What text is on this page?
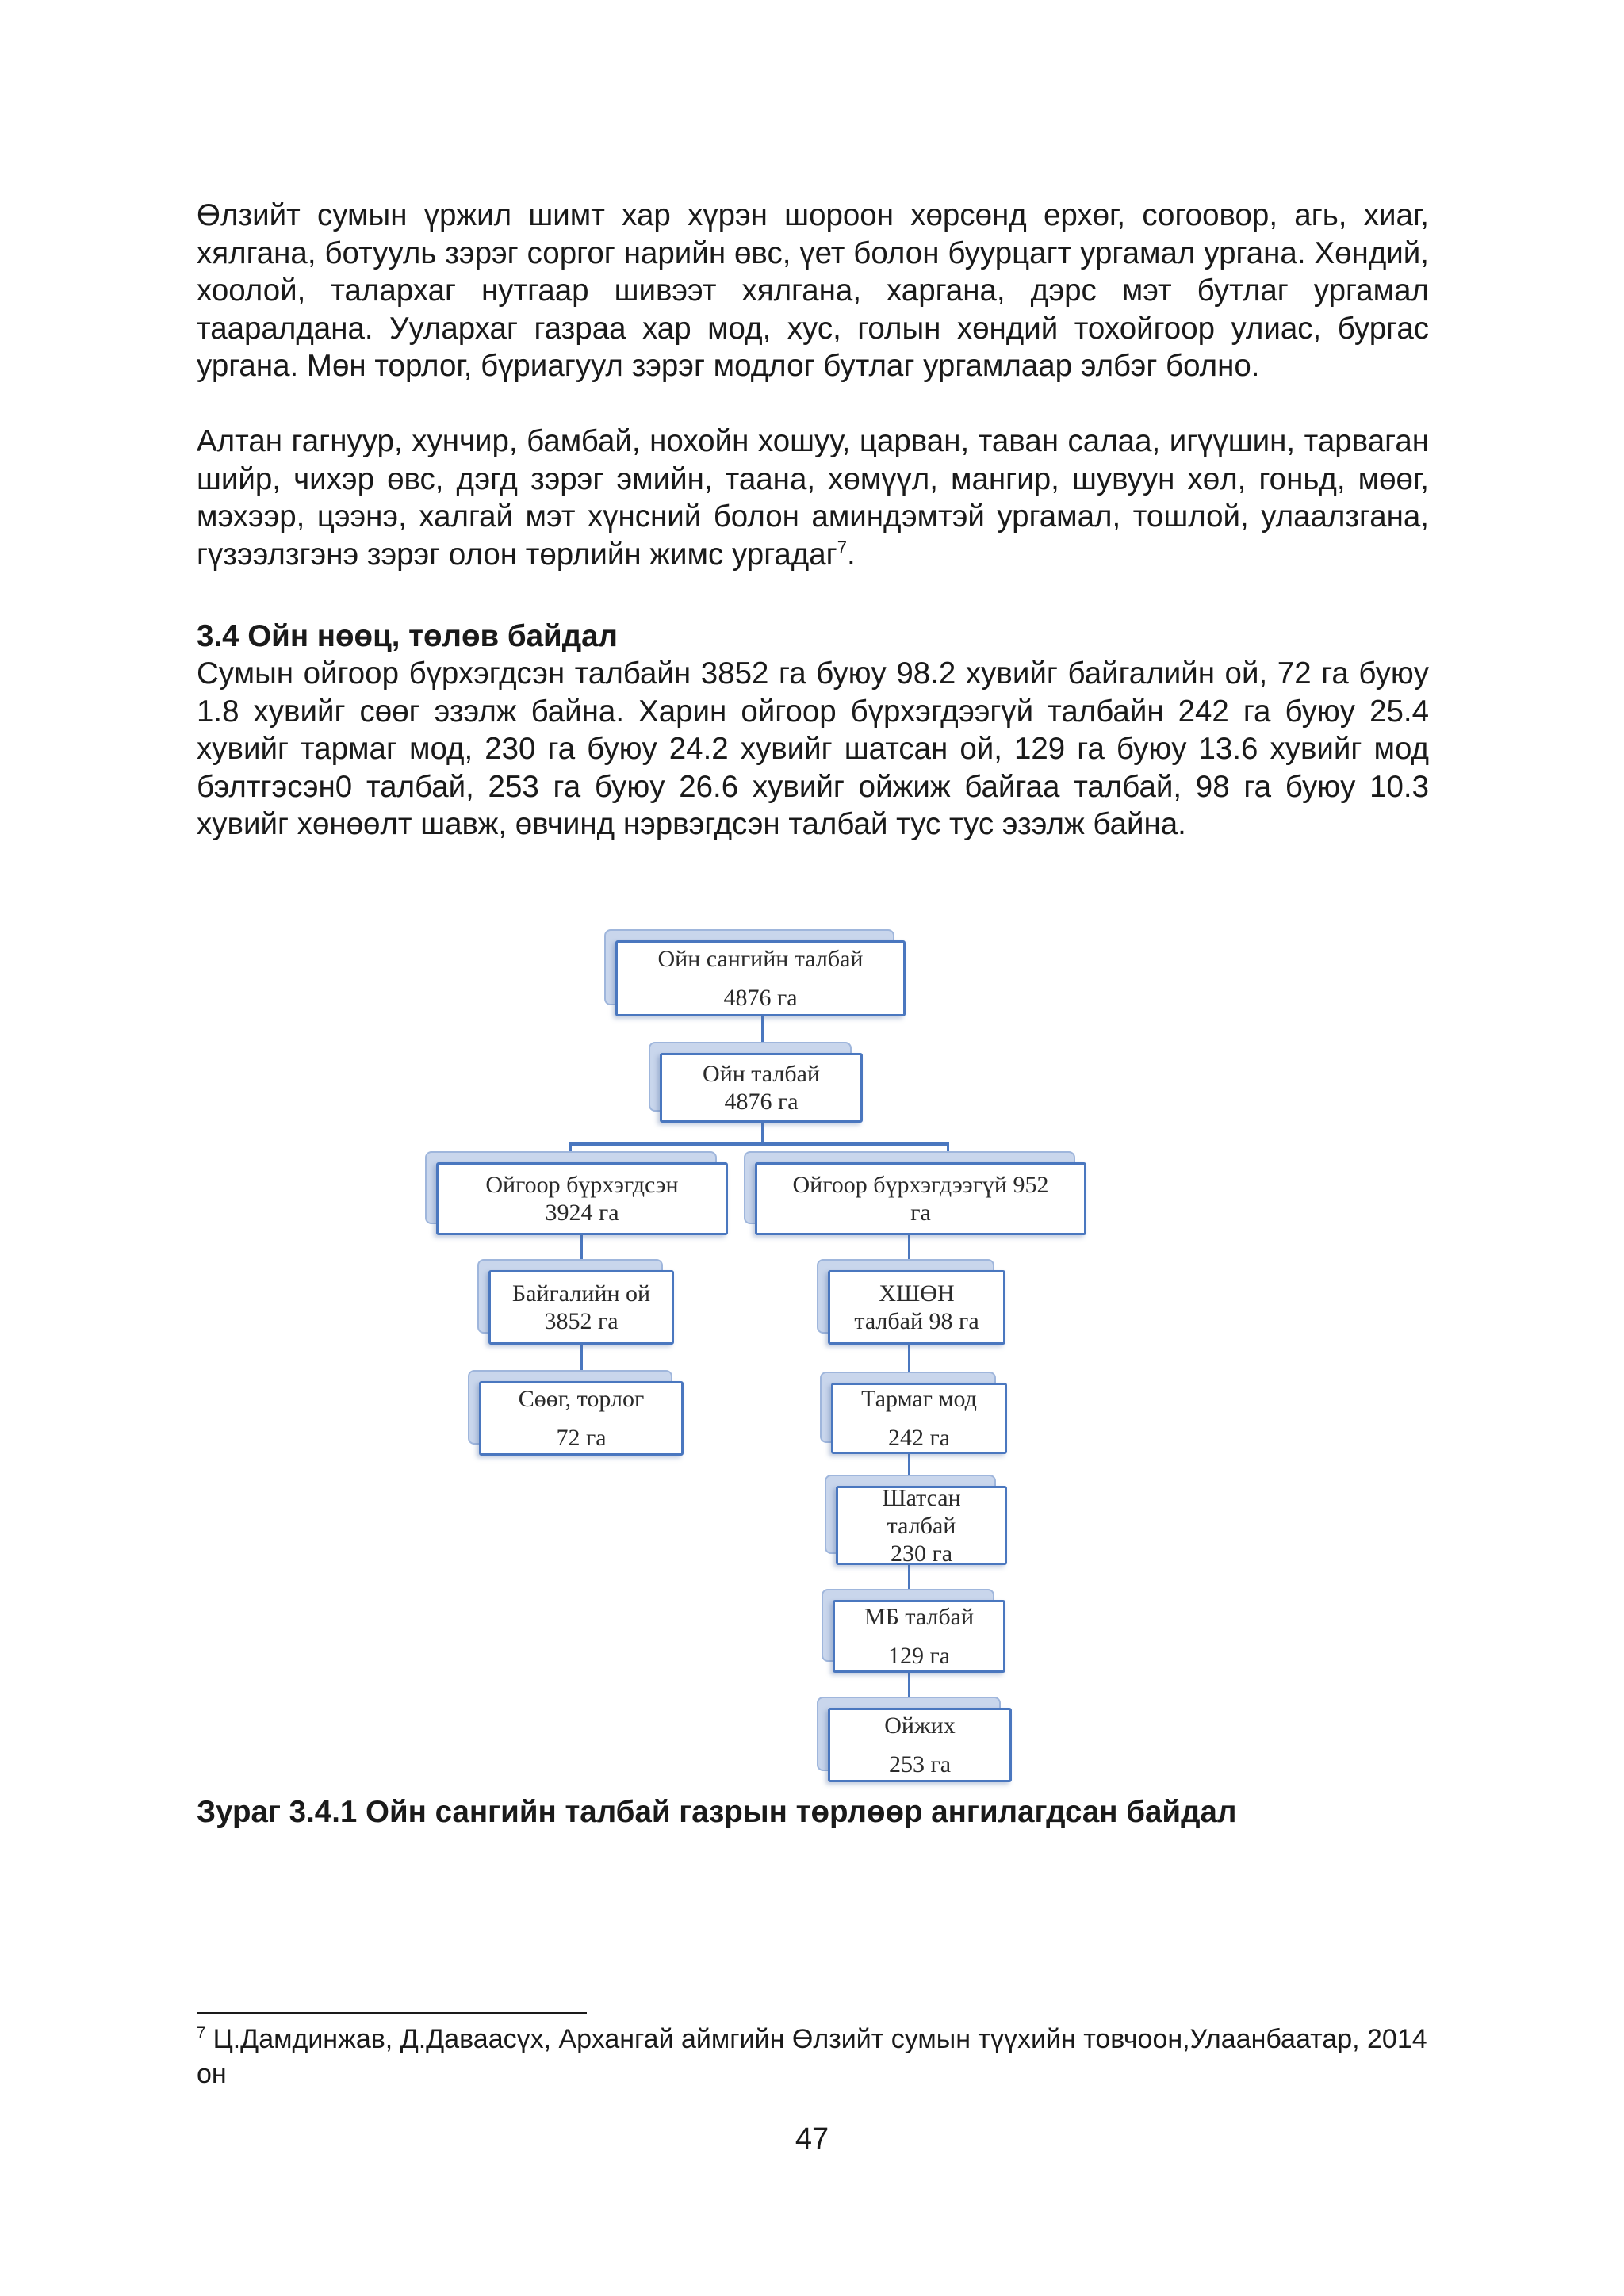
Өлзийт сумын үржил шимт хар хүрэн шороон хөрсөнд ерхөг, согоовор, агь, хиаг, хялгана, ботууль зэрэг соргог нарийн өвс, үет болон буурцагт ургамал ургана. Хөндий, хоолой, талархаг нутгаар шивээт хялгана, харгана, дэрс мэт бутлаг ургамал тааралдана. Уулархаг газраа хар мод, хус, голын хөндий тохойгоор улиас, бургас ургана. Мөн торлог, бүриагуул зэрэг модлог бутлаг ургамлаар элбэг болно.

Алтан гагнуур, хунчир, бамбай, нохойн хошуу, царван, таван салаа, игүүшин, тарваган шийр, чихэр өвс, дэгд зэрэг эмийн, таана, хөмүүл, мангир, шувуун хөл, гоньд, мөөг, мэхээр, цээнэ, халгай мэт хүнсний болон аминдэмтэй ургамал, тошлой, улаалзгана, гүзээлзгэнэ зэрэг олон төрлийн жимс ургадаг$^7$.

3.4 Ойн нөөц, төлөв байдал

Сумын ойгоор бүрхэгдсэн талбайн 3852 га буюу 98.2 хувийг байгалийн ой, 72 га буюу 1.8 хувийг сөөг эзэлж байна. Харин ойгоор бүрхэгдээгүй талбайн 242 га буюу 25.4 хувийг тармаг мод, 230 га буюу 24.2 хувийг шатсан ой, 129 га буюу 13.6 хувийг мод бэлтгэсэн0 талбай, 253 га буюу 26.6 хувийг ойжиж байгаа талбай, 98 га буюу 10.3 хувийг хөнөөлт шавж, өвчинд нэрвэгдсэн талбай тус тус эзэлж байна.

Ойн сангийн талбай
4876 га
Ойн талбай
4876 га
Ойгоор бүрхэгдсэн
3924 га
Ойгоор бүрхэгдээгүй 952
га
Байгалийн ой
3852 га
Сөөг, торлог
72 га
ХШӨН
талбай 98 га
Тармаг мод
242 га
Шатсан
талбай
230 га
МБ талбай
129 га
Ойжих
253 га
Зураг 3.4.1 Ойн сангийн талбай газрын төрлөөр ангилагдсан байдал

$^7$ Ц.Дамдинжав, Д.Даваасүх, Архангай аймгийн Өлзийт сумын түүхийн товчоон,Улаанбаатар, 2014 он

47
